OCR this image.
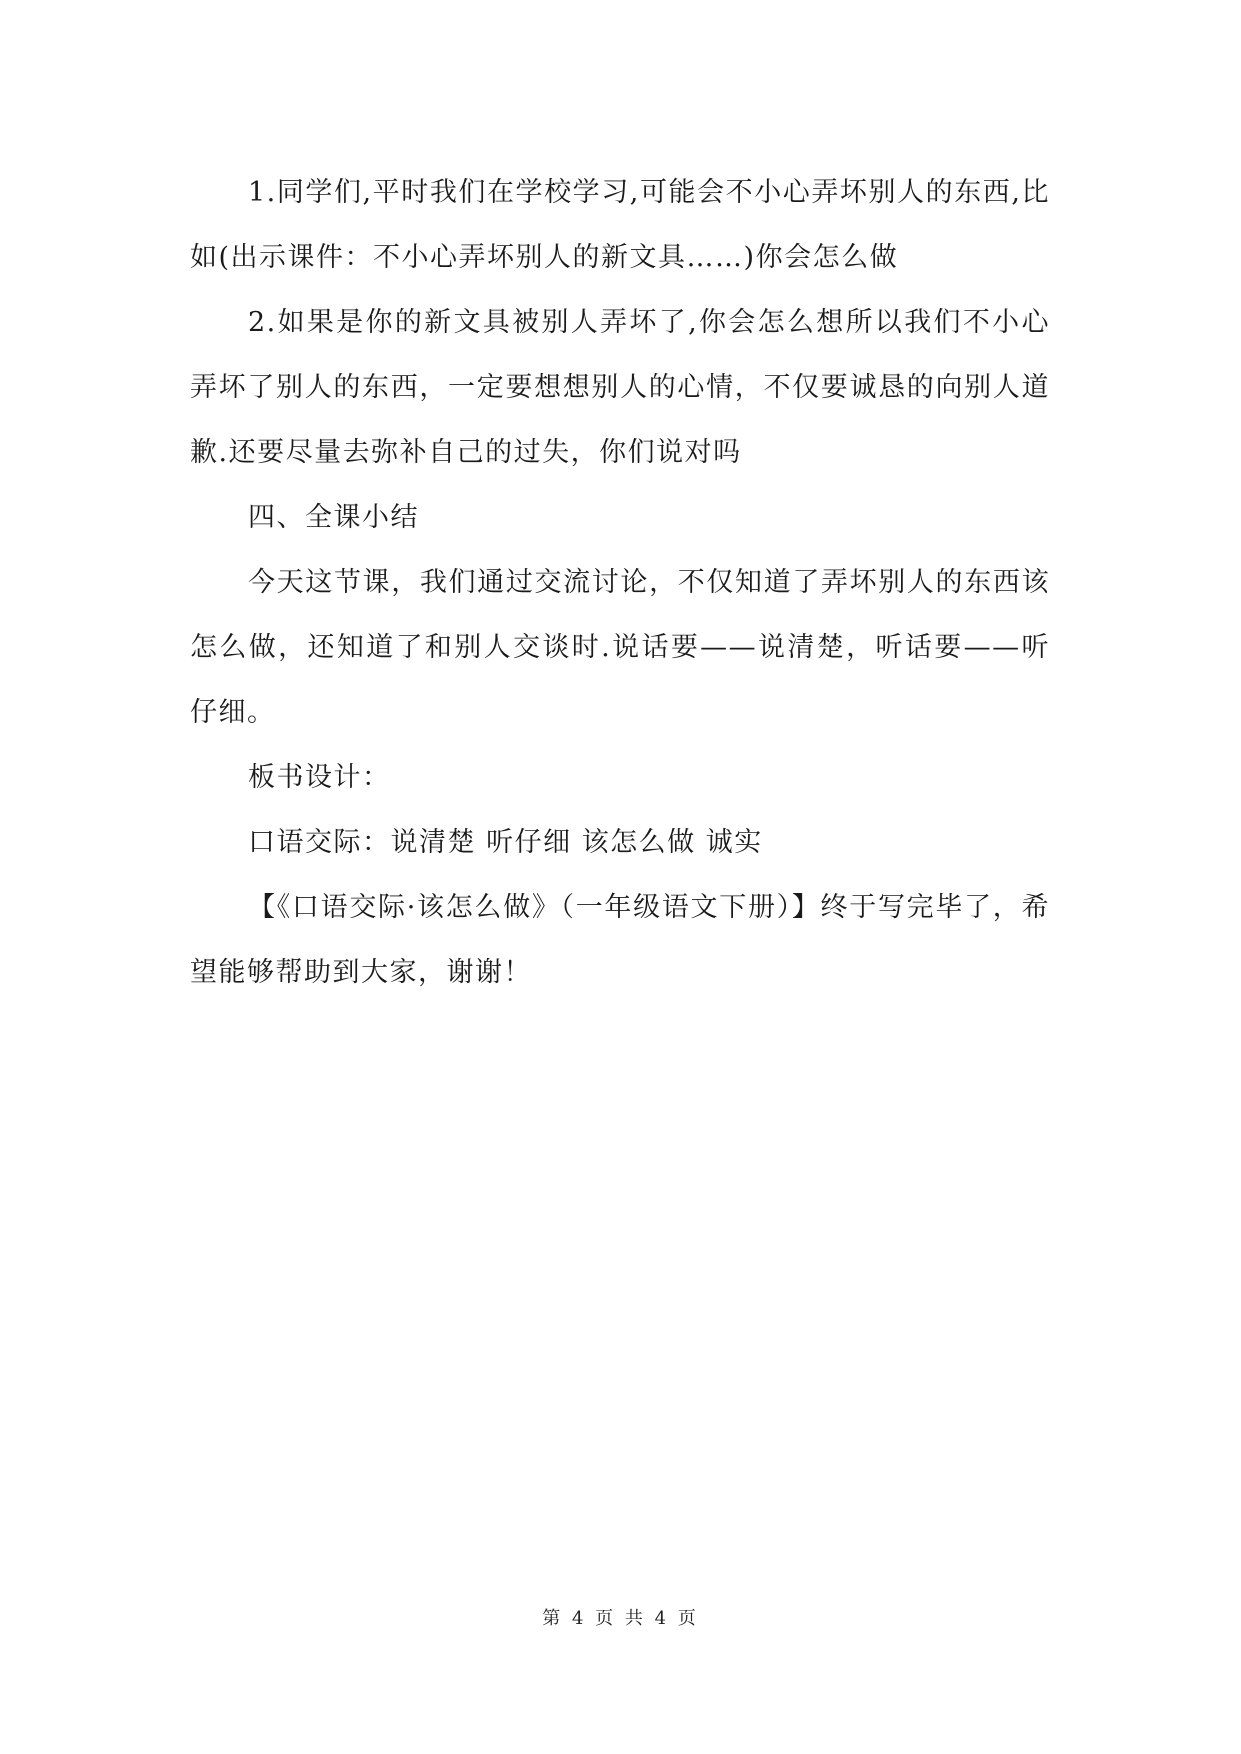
1.同学们,平时我们在学校学习,可能会不小心弄坏别人的东西,比如(出示课件：不小心弄坏别人的新文具……)你会怎么做

2.如果是你的新文具被别人弄坏了,你会怎么想所以我们不小心弄坏了别人的东西，一定要想想别人的心情，不仅要诚恳的向别人道歉.还要尽量去弥补自己的过失，你们说对吗

四、全课小结

今天这节课，我们通过交流讨论，不仅知道了弄坏别人的东西该怎么做，还知道了和别人交谈时.说话要——说清楚，听话要——听仔细。

板书设计：

口语交际：说清楚 听仔细 该怎么做 诚实

【《口语交际·该怎么做》（一年级语文下册）】终于写完毕了，希望能够帮助到大家，谢谢！

第 4 页 共 4 页
